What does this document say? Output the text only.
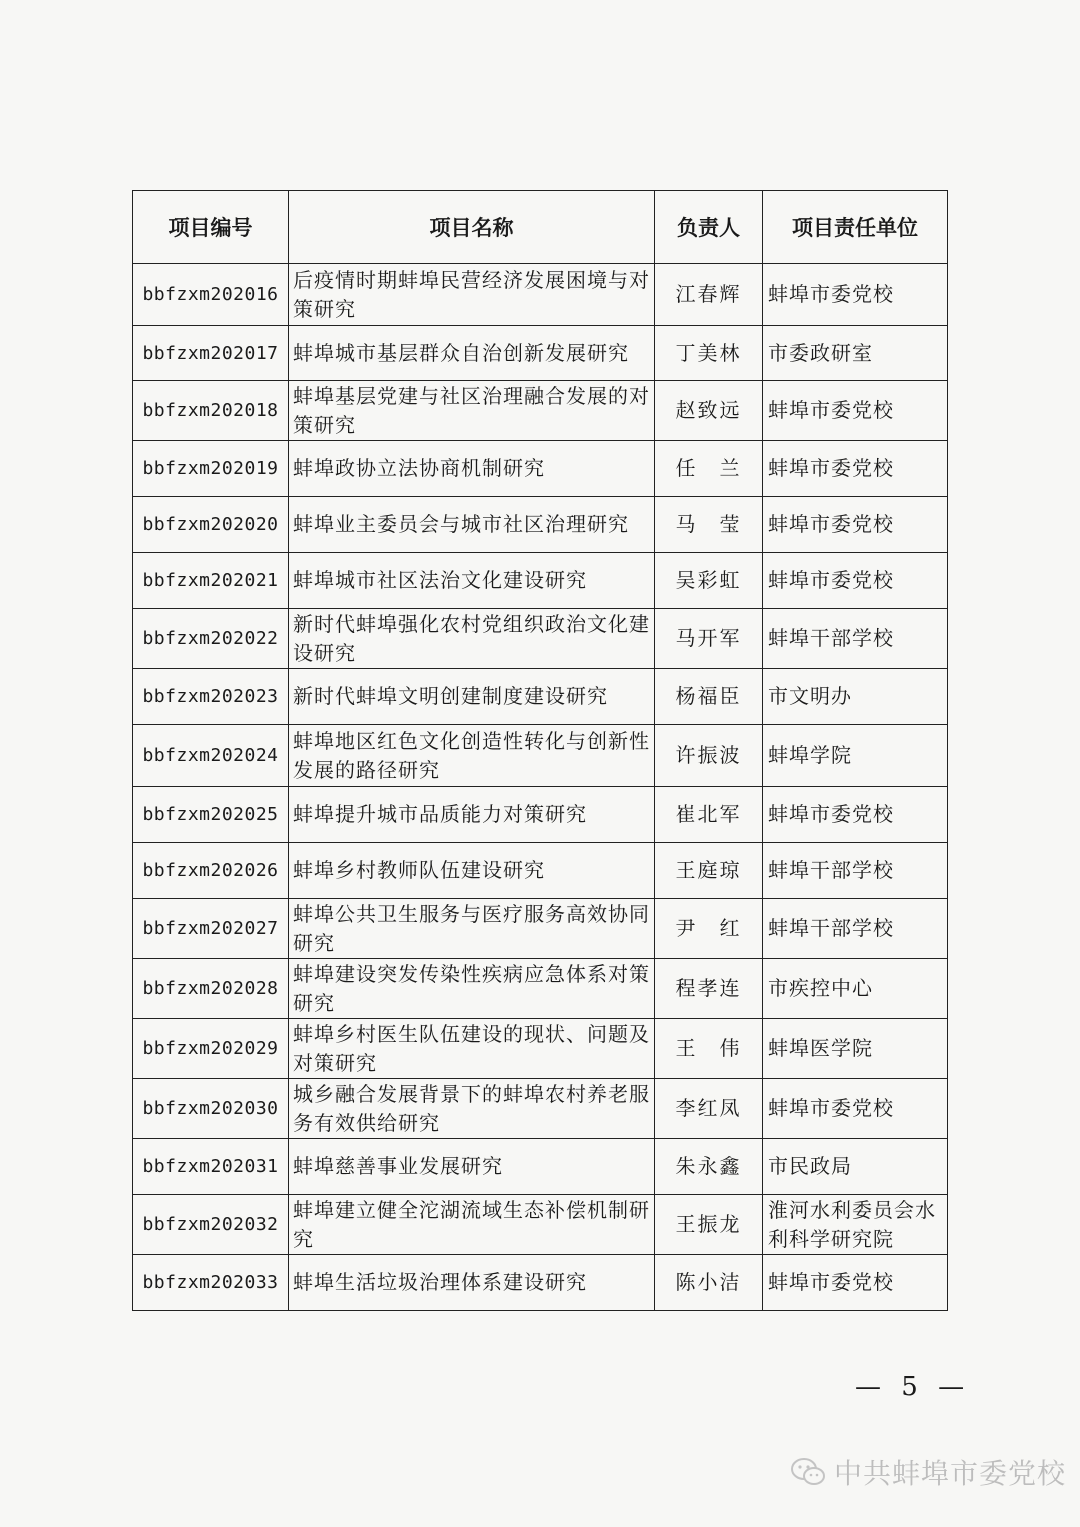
项目编号	项目名称	负责人	项目责任单位
bbfzxm202016	后疫情时期蚌埠民营经济发展困境与对策研究	江春辉	蚌埠市委党校
bbfzxm202017	蚌埠城市基层群众自治创新发展研究	丁美林	市委政研室
bbfzxm202018	蚌埠基层党建与社区治理融合发展的对策研究	赵致远	蚌埠市委党校
bbfzxm202019	蚌埠政协立法协商机制研究	任　兰	蚌埠市委党校
bbfzxm202020	蚌埠业主委员会与城市社区治理研究	马　莹	蚌埠市委党校
bbfzxm202021	蚌埠城市社区法治文化建设研究	吴彩虹	蚌埠市委党校
bbfzxm202022	新时代蚌埠强化农村党组织政治文化建设研究	马开军	蚌埠干部学校
bbfzxm202023	新时代蚌埠文明创建制度建设研究	杨福臣	市文明办
bbfzxm202024	蚌埠地区红色文化创造性转化与创新性发展的路径研究	许振波	蚌埠学院
bbfzxm202025	蚌埠提升城市品质能力对策研究	崔北军	蚌埠市委党校
bbfzxm202026	蚌埠乡村教师队伍建设研究	王庭琼	蚌埠干部学校
bbfzxm202027	蚌埠公共卫生服务与医疗服务高效协同研究	尹　红	蚌埠干部学校
bbfzxm202028	蚌埠建设突发传染性疾病应急体系对策研究	程孝连	市疾控中心
bbfzxm202029	蚌埠乡村医生队伍建设的现状、问题及对策研究	王　伟	蚌埠医学院
bbfzxm202030	城乡融合发展背景下的蚌埠农村养老服务有效供给研究	李红凤	蚌埠市委党校
bbfzxm202031	蚌埠慈善事业发展研究	朱永鑫	市民政局
bbfzxm202032	蚌埠建立健全沱湖流域生态补偿机制研究	王振龙	淮河水利委员会水利科学研究院
bbfzxm202033	蚌埠生活垃圾治理体系建设研究	陈小洁	蚌埠市委党校
— 5 —
中共蚌埠市委党校
